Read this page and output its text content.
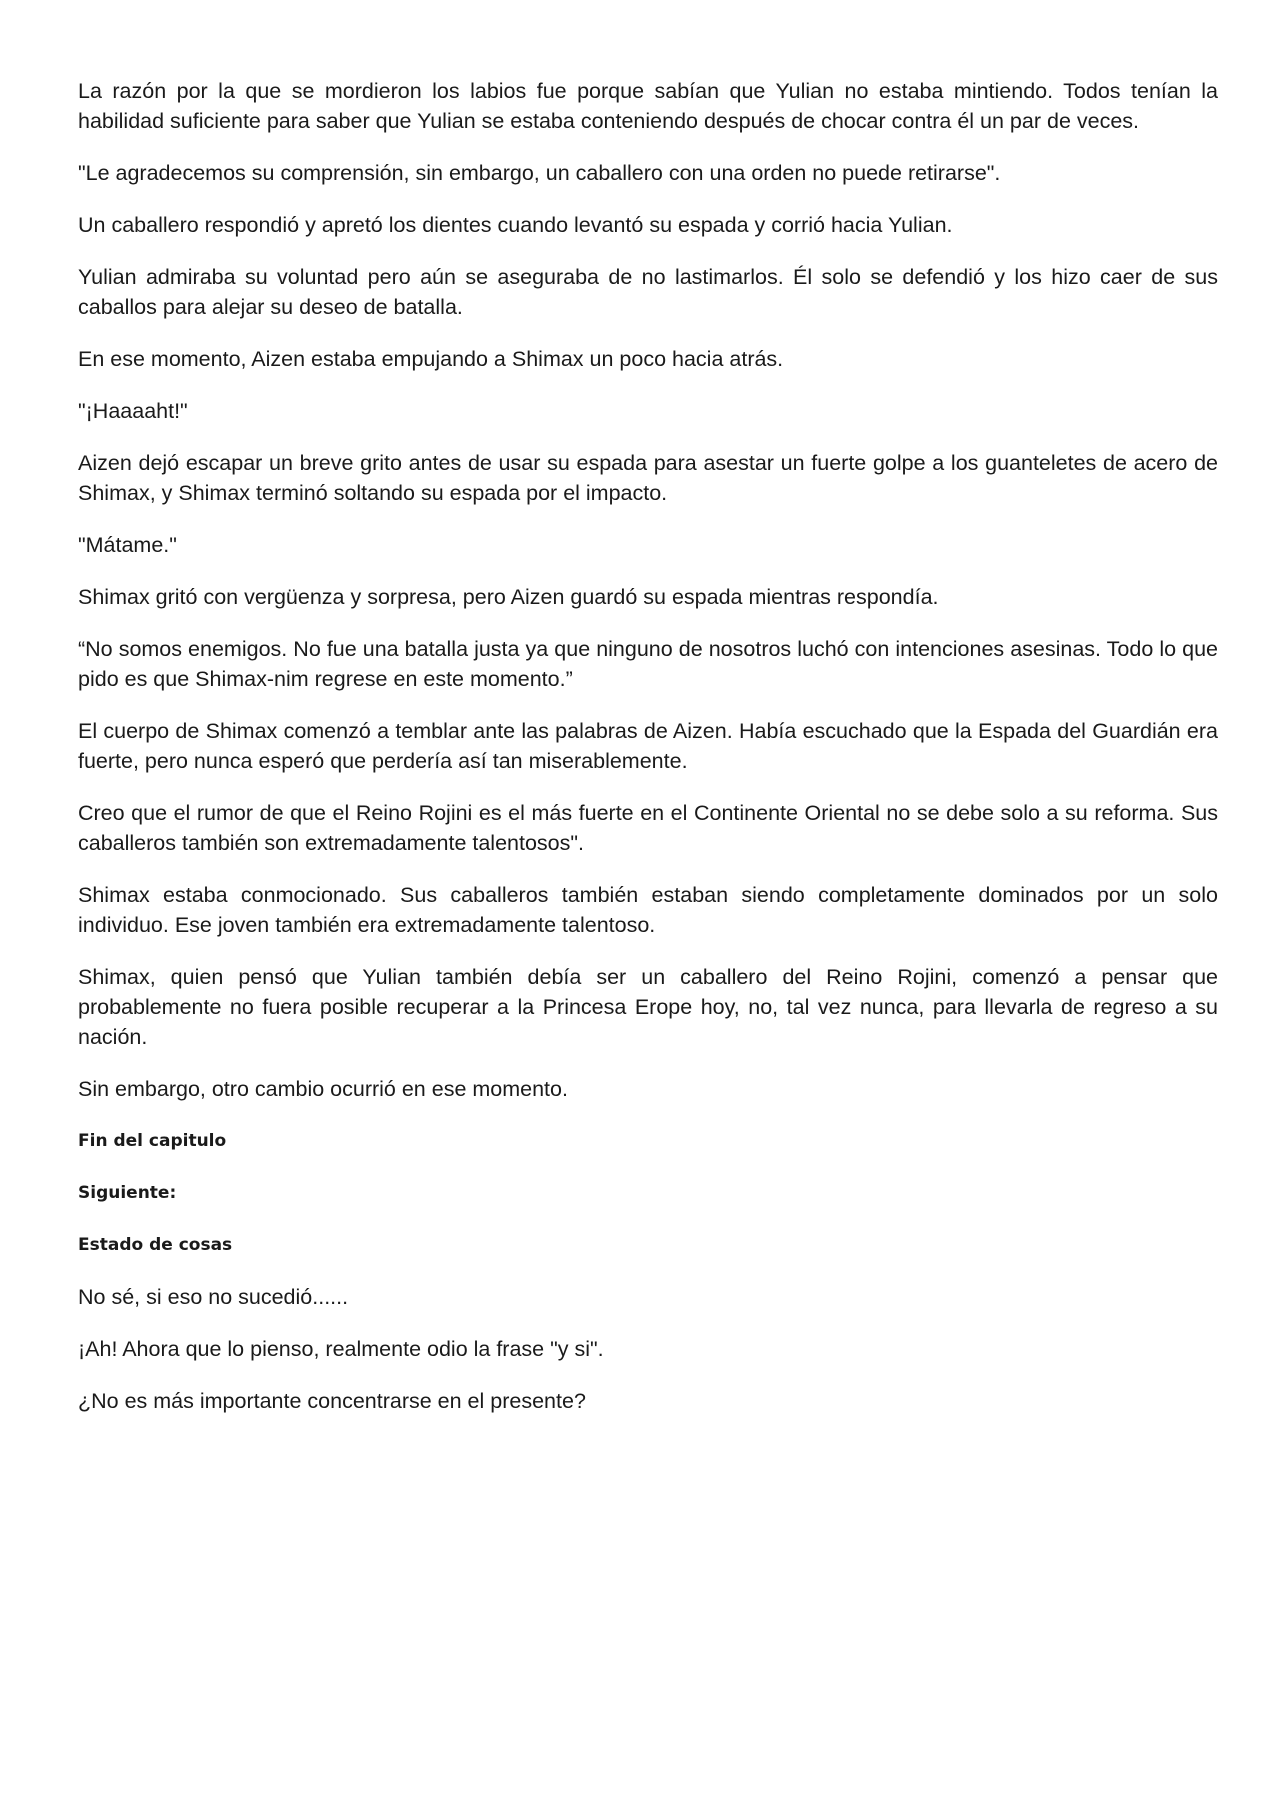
La razón por la que se mordieron los labios fue porque sabían que Yulian no estaba mintiendo. Todos tenían la habilidad suficiente para saber que Yulian se estaba conteniendo después de chocar contra él un par de veces.

"Le agradecemos su comprensión, sin embargo, un caballero con una orden no puede retirarse".

Un caballero respondió y apretó los dientes cuando levantó su espada y corrió hacia Yulian.

Yulian admiraba su voluntad pero aún se aseguraba de no lastimarlos. Él solo se defendió y los hizo caer de sus caballos para alejar su deseo de batalla.

En ese momento, Aizen estaba empujando a Shimax un poco hacia atrás.

"¡Haaaaht!"

Aizen dejó escapar un breve grito antes de usar su espada para asestar un fuerte golpe a los guanteletes de acero de Shimax, y Shimax terminó soltando su espada por el impacto.

"Mátame."

Shimax gritó con vergüenza y sorpresa, pero Aizen guardó su espada mientras respondía.

“No somos enemigos. No fue una batalla justa ya que ninguno de nosotros luchó con intenciones asesinas. Todo lo que pido es que Shimax-nim regrese en este momento.”

El cuerpo de Shimax comenzó a temblar ante las palabras de Aizen. Había escuchado que la Espada del Guardián era fuerte, pero nunca esperó que perdería así tan miserablemente.

Creo que el rumor de que el Reino Rojini es el más fuerte en el Continente Oriental no se debe solo a su reforma. Sus caballeros también son extremadamente talentosos".

Shimax estaba conmocionado. Sus caballeros también estaban siendo completamente dominados por un solo individuo. Ese joven también era extremadamente talentoso.

Shimax, quien pensó que Yulian también debía ser un caballero del Reino Rojini, comenzó a pensar que probablemente no fuera posible recuperar a la Princesa Erope hoy, no, tal vez nunca, para llevarla de regreso a su nación.

Sin embargo, otro cambio ocurrió en ese momento.

Fin del capitulo
Siguiente:
Estado de cosas

No sé, si eso no sucedió......

¡Ah! Ahora que lo pienso, realmente odio la frase "y si".

¿No es más importante concentrarse en el presente?
